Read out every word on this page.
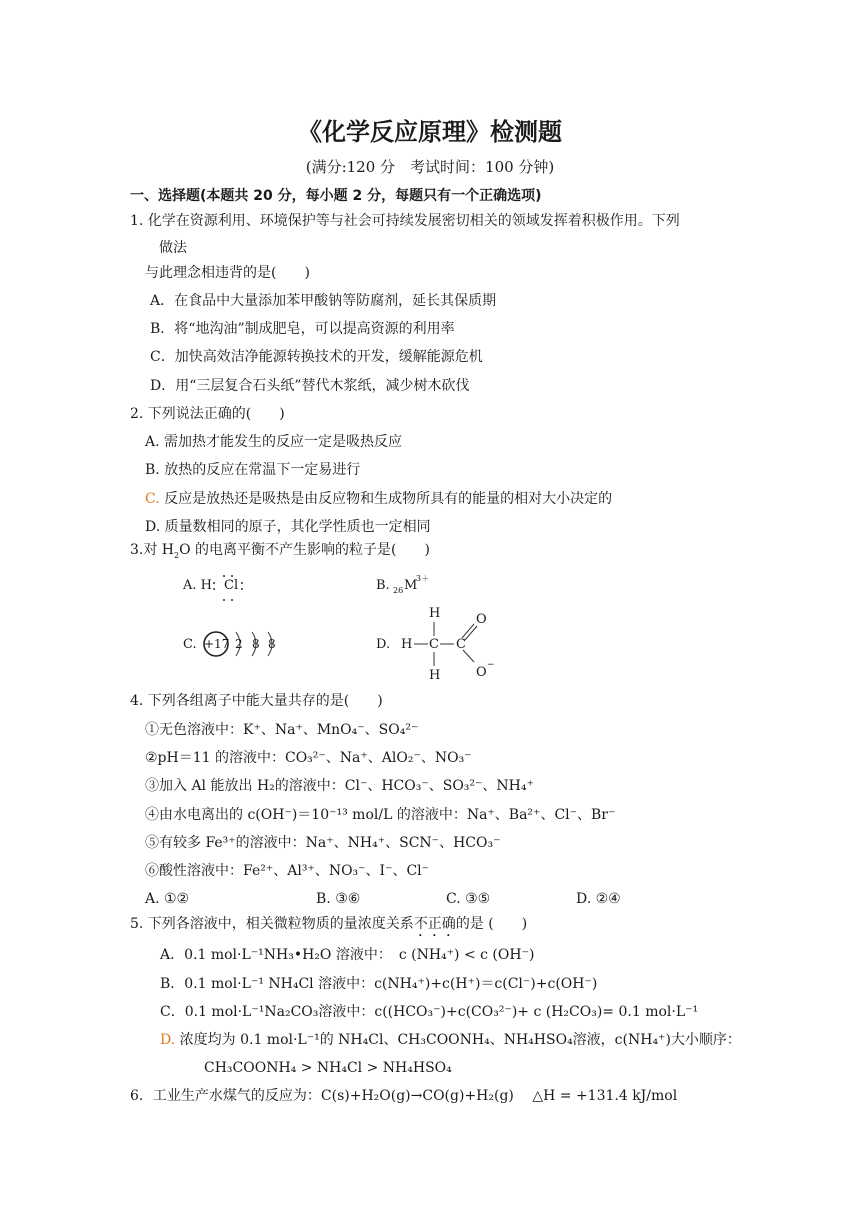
《化学反应原理》检测题
(满分:120 分　考试时间：100 分钟)
一、选择题(本题共 20 分，每小题 2 分，每题只有一个正确选项)
1. 化学在资源利用、环境保护等与社会可持续发展密切相关的领域发挥着积极作用。下列
做法
与此理念相违背的是(　　)
A．在食品中大量添加苯甲酸钠等防腐剂，延长其保质期
B．将“地沟油”制成肥皂，可以提高资源的利用率
C．加快高效洁净能源转换技术的开发，缓解能源危机
D．用“三层复合石头纸”替代木浆纸，减少树木砍伐
2. 下列说法正确的(　　)
A. 需加热才能发生的反应一定是吸热反应
B. 放热的反应在常温下一定易进行
C. 反应是放热还是吸热是由反应物和生成物所具有的能量的相对大小决定的
D. 质量数相同的原子，其化学性质也一定相同
3.对 $H_2O$ 的电离平衡不产生影响的粒子是(　　)
A. H Cl	B. 26 M
3＋
C. +17 2 8 8	D.
H
H C C
H
O
O −
4. 下列各组离子中能大量共存的是(　　)
①无色溶液中：K⁺、Na⁺、MnO₄⁻、SO₄²⁻
②pH＝11 的溶液中：CO₃²⁻、Na⁺、AlO₂⁻、NO₃⁻
③加入 Al 能放出 H₂的溶液中：Cl⁻、HCO₃⁻、SO₃²⁻、NH₄⁺
④由水电离出的 c(OH⁻)＝10⁻¹³ mol/L 的溶液中：Na⁺、Ba²⁺、Cl⁻、Br⁻
⑤有较多 Fe³⁺的溶液中：Na⁺、NH₄⁺、SCN⁻、HCO₃⁻
⑥酸性溶液中：Fe²⁺、Al³⁺、NO₃⁻、I⁻、Cl⁻
A. ①②	B. ③⑥	C. ③⑤	D. ②④
5. 下列各溶液中，相关微粒物质的量浓度关系不正确的是 (　　)
A．0.1 mol·L⁻¹NH₃•H₂O 溶液中：　c (NH₄⁺) < c (OH⁻)
B．0.1 mol·L⁻¹ NH₄Cl 溶液中：c(NH₄⁺)+c(H⁺)＝c(Cl⁻)+c(OH⁻)
C．0.1 mol·L⁻¹Na₂CO₃溶液中：c((HCO₃⁻)+c(CO₃²⁻)+ c (H₂CO₃)= 0.1 mol·L⁻¹
D. 浓度均为 0.1 mol·L⁻¹的 NH₄Cl、CH₃COONH₄、NH₄HSO₄溶液，c(NH₄⁺)大小顺序：
CH₃COONH₄ > NH₄Cl > NH₄HSO₄
6．工业生产水煤气的反应为：C(s)+H₂O(g)→CO(g)+H₂(g)　 △H = +131.4 kJ/mol
